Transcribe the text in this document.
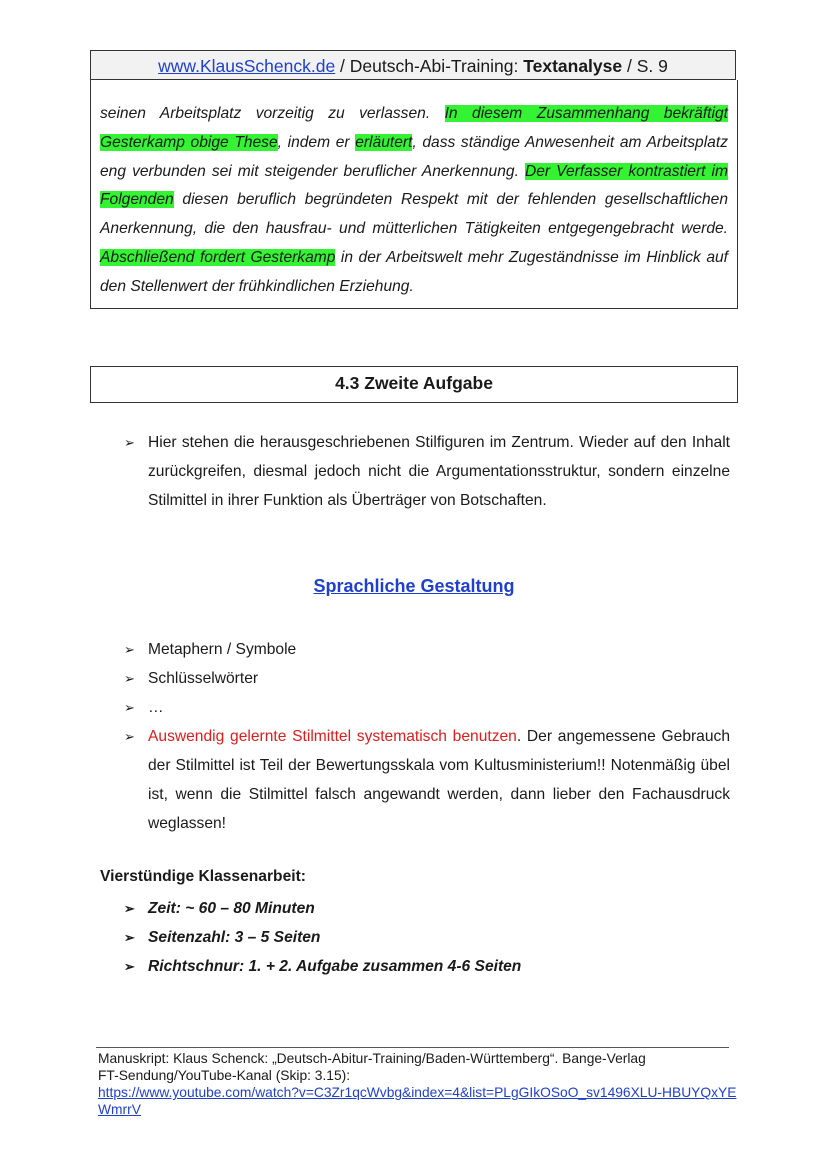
www.KlausSchenck.de / Deutsch-Abi-Training: Textanalyse / S. 9
seinen Arbeitsplatz vorzeitig zu verlassen. In diesem Zusammenhang bekräftigt Gesterkamp obige These, indem er erläutert, dass ständige Anwesenheit am Arbeitsplatz eng verbunden sei mit steigender beruflicher Anerkennung. Der Verfasser kontrastiert im Folgenden diesen beruflich begründeten Respekt mit der fehlenden gesellschaftlichen Anerkennung, die den hausfrau- und mütterlichen Tätigkeiten entgegengebracht werde. Abschließend fordert Gesterkamp in der Arbeitswelt mehr Zugeständnisse im Hinblick auf den Stellenwert der frühkindlichen Erziehung.
4.3 Zweite Aufgabe
➢ Hier stehen die herausgeschriebenen Stilfiguren im Zentrum. Wieder auf den Inhalt zurückgreifen, diesmal jedoch nicht die Argumentationsstruktur, sondern einzelne Stilmittel in ihrer Funktion als Überträger von Botschaften.
Sprachliche Gestaltung
➢ Metaphern / Symbole
➢ Schlüsselwörter
➢ …
➢ Auswendig gelernte Stilmittel systematisch benutzen. Der angemessene Gebrauch der Stilmittel ist Teil der Bewertungsskala vom Kultusministerium!! Notenmäßig übel ist, wenn die Stilmittel falsch angewandt werden, dann lieber den Fachausdruck weglassen!
Vierstündige Klassenarbeit:
➢ Zeit: ~ 60 – 80 Minuten
➢ Seitenzahl: 3 – 5 Seiten
➢ Richtschnur: 1. + 2. Aufgabe zusammen 4-6 Seiten
Manuskript: Klaus Schenck: „Deutsch-Abitur-Training/Baden-Württemberg“. Bange-Verlag
FT-Sendung/YouTube-Kanal (Skip: 3.15):
https://www.youtube.com/watch?v=C3Zr1qcWvbg&index=4&list=PLgGIkOSoO_sv1496XLU-HBUYQxYEWmrrV
